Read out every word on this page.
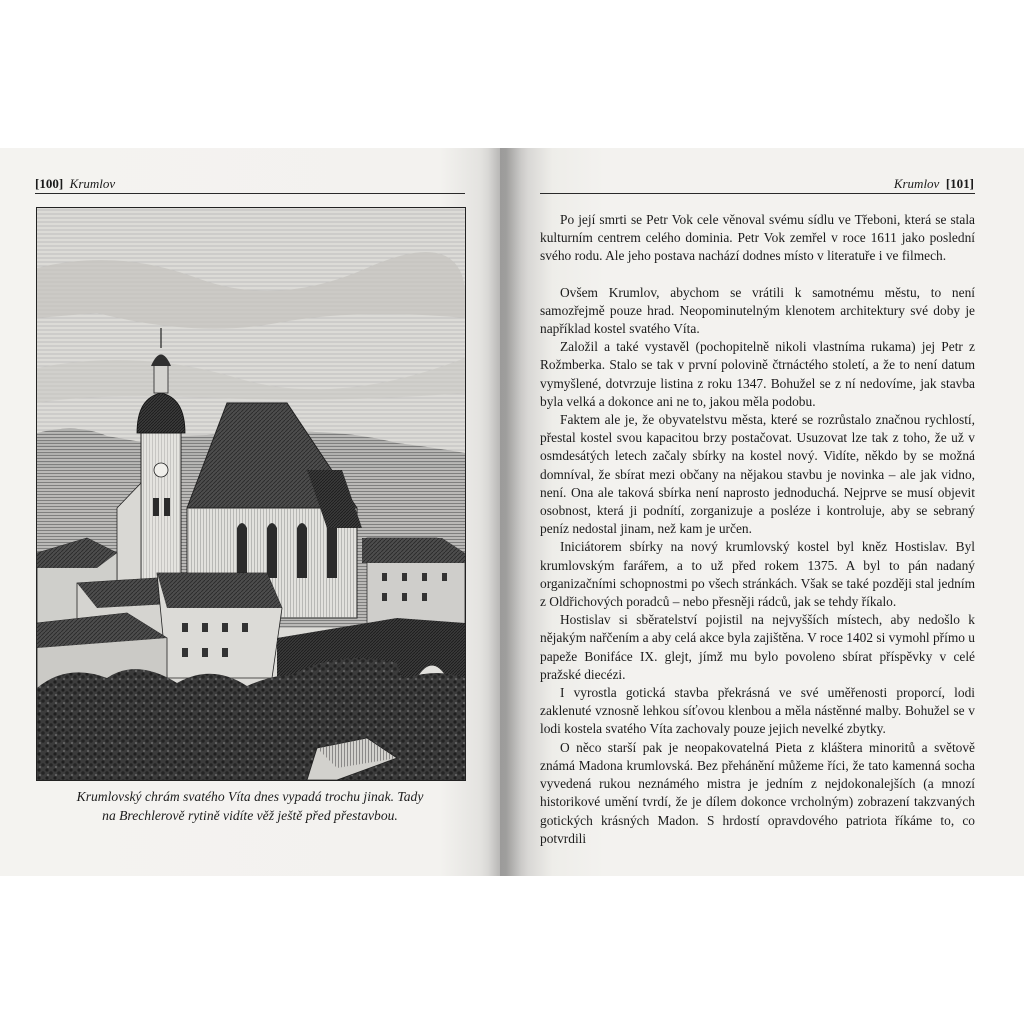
[100] Krumlov	Krumlov [101]
Krumlovský chrám svatého Víta dnes vypadá trochu jinak. Tady
na Brechlerově rytině vidíte věž ještě před přestavbou.

Po její smrti se Petr Vok cele věnoval svému sídlu ve Třeboni, která se stala kulturním centrem celého dominia. Petr Vok zemřel v roce 1611 jako poslední svého rodu. Ale jeho postava nachází dodnes místo v literatuře i ve filmech.

Ovšem Krumlov, abychom se vrátili k samotnému městu, to není samozřejmě pouze hrad. Neopominutelným klenotem architektury své doby je například kostel svatého Víta.

Založil a také vystavěl (pochopitelně nikoli vlastníma rukama) jej Petr z Rožmberka. Stalo se tak v první polovině čtrnáctého století, a že to není datum vymyšlené, dotvrzuje listina z roku 1347. Bohužel se z ní nedovíme, jak stavba byla velká a dokonce ani ne to, jakou měla podobu.

Faktem ale je, že obyvatelstvu města, které se rozrůstalo značnou rychlostí, přestal kostel svou kapacitou brzy postačovat. Usuzovat lze tak z toho, že už v osmdesátých letech začaly sbírky na kostel nový. Vidíte, někdo by se možná domníval, že sbírat mezi občany na nějakou stavbu je novinka – ale jak vidno, není. Ona ale taková sbírka není naprosto jednoduchá. Nejprve se musí objevit osobnost, která ji podnítí, zorganizuje a posléze i kontroluje, aby se sebraný peníz nedostal jinam, než kam je určen.

Iniciátorem sbírky na nový krumlovský kostel byl kněz Hostislav. Byl krumlovským farářem, a to už před rokem 1375. A byl to pán nadaný organizačními schopnostmi po všech stránkách. Však se také později stal jedním z Oldřichových poradců – nebo přesněji rádců, jak se tehdy říkalo.

Hostislav si sběratelství pojistil na nejvyšších místech, aby nedošlo k nějakým nařčením a aby celá akce byla zajištěna. V roce 1402 si vymohl přímo u papeže Bonifáce IX. glejt, jímž mu bylo povoleno sbírat příspěvky v celé pražské diecézi.

I vyrostla gotická stavba překrásná ve své uměřenosti proporcí, lodi zaklenuté vznosně lehkou síťovou klenbou a měla nástěnné malby. Bohužel se v lodi kostela svatého Víta zachovaly pouze jejich nevelké zbytky.

O něco starší pak je neopakovatelná Pieta z kláštera minoritů a světově známá Madona krumlovská. Bez přehánění můžeme říci, že tato kamenná socha vyvedená rukou neznámého mistra je jedním z nejdokonalejších (a mnozí historikové umění tvrdí, že je dílem dokonce vrcholným) zobrazení takzvaných gotických krásných Madon. S hrdostí opravdového patriota říkáme to, co potvrdili
